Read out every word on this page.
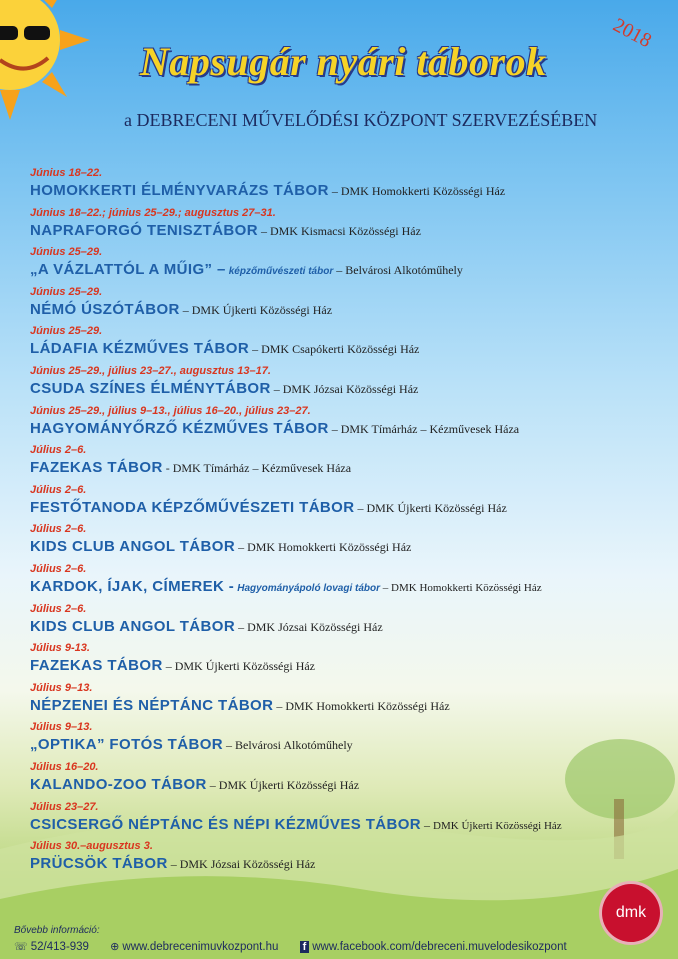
Napsugár nyári táborok
2018
a DEBRECENI MŰVELŐDÉSI KÖZPONT SZERVEZÉSÉBEN
Június 18–22.
HOMOKKERTI ÉLMÉNYVARÁZS TÁBOR – DMK Homokkerti Közösségi Ház
Június 18–22.; június 25–29.; augusztus 27–31.
NAPRAFORGÓ TENISZTÁBOR – DMK Kismacsi Közösségi Ház
Június 25–29.
„A VÁZLATTÓL A MŰIG” – képzőművészeti tábor – Belvárosi Alkotóműhely
Június 25–29.
NÉMÓ ÚSZÓTÁBOR – DMK Újkerti Közösségi Ház
Június 25–29.
LÁDAFIA KÉZMŰVES TÁBOR – DMK Csapókerti Közösségi Ház
Június 25–29., július 23–27., augusztus 13–17.
CSUDA SZÍNES ÉLMÉNYTÁBOR – DMK Józsai Közösségi Ház
Június 25–29., július 9–13., július 16–20., július 23–27.
HAGYOMÁNYŐRZŐ KÉZMŰVES TÁBOR – DMK Tímárház – Kézművesek Háza
Július 2–6.
FAZEKAS TÁBOR - DMK Tímárház – Kézművesek Háza
Július 2–6.
FESTŐTANODA KÉPZŐMŰVÉSZETI TÁBOR – DMK Újkerti Közösségi Ház
Július 2–6.
KIDS CLUB ANGOL TÁBOR – DMK Homokkerti Közösségi Ház
Július 2–6.
KARDOK, ÍJAK, CÍMEREK - Hagyományápoló lovagi tábor – DMK Homokkerti Közösségi Ház
Július 2–6.
KIDS CLUB ANGOL TÁBOR – DMK Józsai Közösségi Ház
Július 9-13.
FAZEKAS TÁBOR – DMK Újkerti Közösségi Ház
Július 9–13.
NÉPZENEI ÉS NÉPTÁNC TÁBOR – DMK Homokkerti Közösségi Ház
Július 9–13.
„OPTIKA” FOTÓS TÁBOR – Belvárosi Alkotóműhely
Július 16–20.
KALANDO-ZOO TÁBOR – DMK Újkerti Közösségi Ház
Július 23–27.
CSICSERGŐ NÉPTÁNC ÉS NÉPI KÉZMŰVES TÁBOR – DMK Újkerti Közösségi Ház
Július 30.–augusztus 3.
PRÜCSÖK TÁBOR – DMK Józsai Közösségi Ház
Bővebb információ:
☏ 52/413-939 ⊕ www.debrecenimuvkozpont.hu f www.facebook.com/debreceni.muvelodesikozpont
dmk
